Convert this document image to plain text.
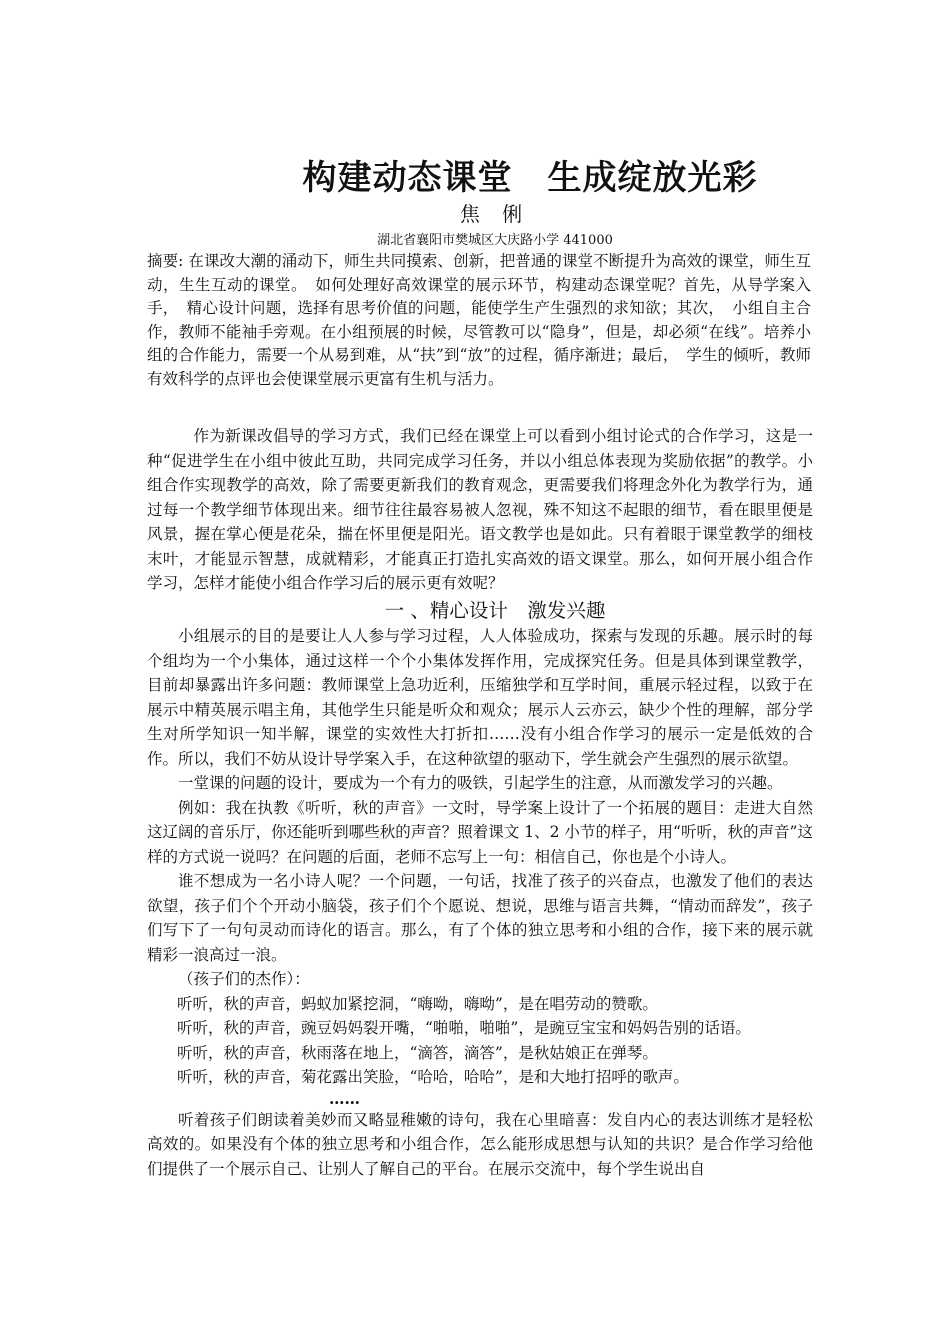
构建动态课堂　生成绽放光彩
焦 俐
湖北省襄阳市樊城区大庆路小学 441000
摘要: 在课改大潮的涌动下，师生共同摸索、创新，把普通的课堂不断提升为高效的课堂，师生互动，生生互动的课堂。　如何处理好高效课堂的展示环节，构建动态课堂呢？首先，从导学案入手，　精心设计问题，选择有思考价值的问题，能使学生产生强烈的求知欲；其次，　小组自主合作，教师不能袖手旁观。在小组预展的时候，尽管教可以“隐身”，但是，却必须“在线”。培养小组的合作能力，需要一个从易到难，从“扶”到“放”的过程，循序渐进；最后，　学生的倾听，教师有效科学的点评也会使课堂展示更富有生机与活力。

作为新课改倡导的学习方式，我们已经在课堂上可以看到小组讨论式的合作学习，这是一种“促进学生在小组中彼此互助，共同完成学习任务，并以小组总体表现为奖励依据”的教学。小组合作实现教学的高效，除了需要更新我们的教育观念，更需要我们将理念外化为教学行为，通过每一个教学细节体现出来。细节往往最容易被人忽视，殊不知这不起眼的细节，看在眼里便是风景，握在掌心便是花朵，揣在怀里便是阳光。语文教学也是如此。只有着眼于课堂教学的细枝末叶，才能显示智慧，成就精彩，才能真正打造扎实高效的语文课堂。那么，如何开展小组合作学习，怎样才能使小组合作学习后的展示更有效呢？

一 、精心设计　激发兴趣

小组展示的目的是要让人人参与学习过程，人人体验成功，探索与发现的乐趣。展示时的每个组均为一个小集体，通过这样一个个小集体发挥作用，完成探究任务。但是具体到课堂教学，目前却暴露出许多问题：教师课堂上急功近利，压缩独学和互学时间，重展示轻过程，以致于在展示中精英展示唱主角，其他学生只能是听众和观众；展示人云亦云，缺少个性的理解，部分学生对所学知识一知半解，课堂的实效性大打折扣……没有小组合作学习的展示一定是低效的合作。所以，我们不妨从设计导学案入手，在这种欲望的驱动下，学生就会产生强烈的展示欲望。

一堂课的问题的设计，要成为一个有力的吸铁，引起学生的注意，从而激发学习的兴趣。

例如：我在执教《听听，秋的声音》一文时，导学案上设计了一个拓展的题目：走进大自然这辽阔的音乐厅，你还能听到哪些秋的声音？照着课文 1、2 小节的样子，用“听听，秋的声音”这样的方式说一说吗？在问题的后面，老师不忘写上一句：相信自己，你也是个小诗人。

谁不想成为一名小诗人呢？一个问题，一句话，找准了孩子的兴奋点，也激发了他们的表达欲望，孩子们个个开动小脑袋，孩子们个个愿说、想说，思维与语言共舞，“情动而辞发”，孩子们写下了一句句灵动而诗化的语言。那么，有了个体的独立思考和小组的合作，接下来的展示就精彩一浪高过一浪。

（孩子们的杰作）：

听听，秋的声音，蚂蚁加紧挖洞，“嗨呦，嗨呦”，是在唱劳动的赞歌。

听听，秋的声音，豌豆妈妈裂开嘴，“啪啪，啪啪”，是豌豆宝宝和妈妈告别的话语。

听听，秋的声音，秋雨落在地上，“滴答，滴答”，是秋姑娘正在弹琴。

听听，秋的声音，菊花露出笑脸，“哈哈，哈哈”，是和大地打招呼的歌声。

……

听着孩子们朗读着美妙而又略显稚嫩的诗句，我在心里暗喜：发自内心的表达训练才是轻松高效的。如果没有个体的独立思考和小组合作，怎么能形成思想与认知的共识？是合作学习给他们提供了一个展示自己、让别人了解自己的平台。在展示交流中，每个学生说出自
